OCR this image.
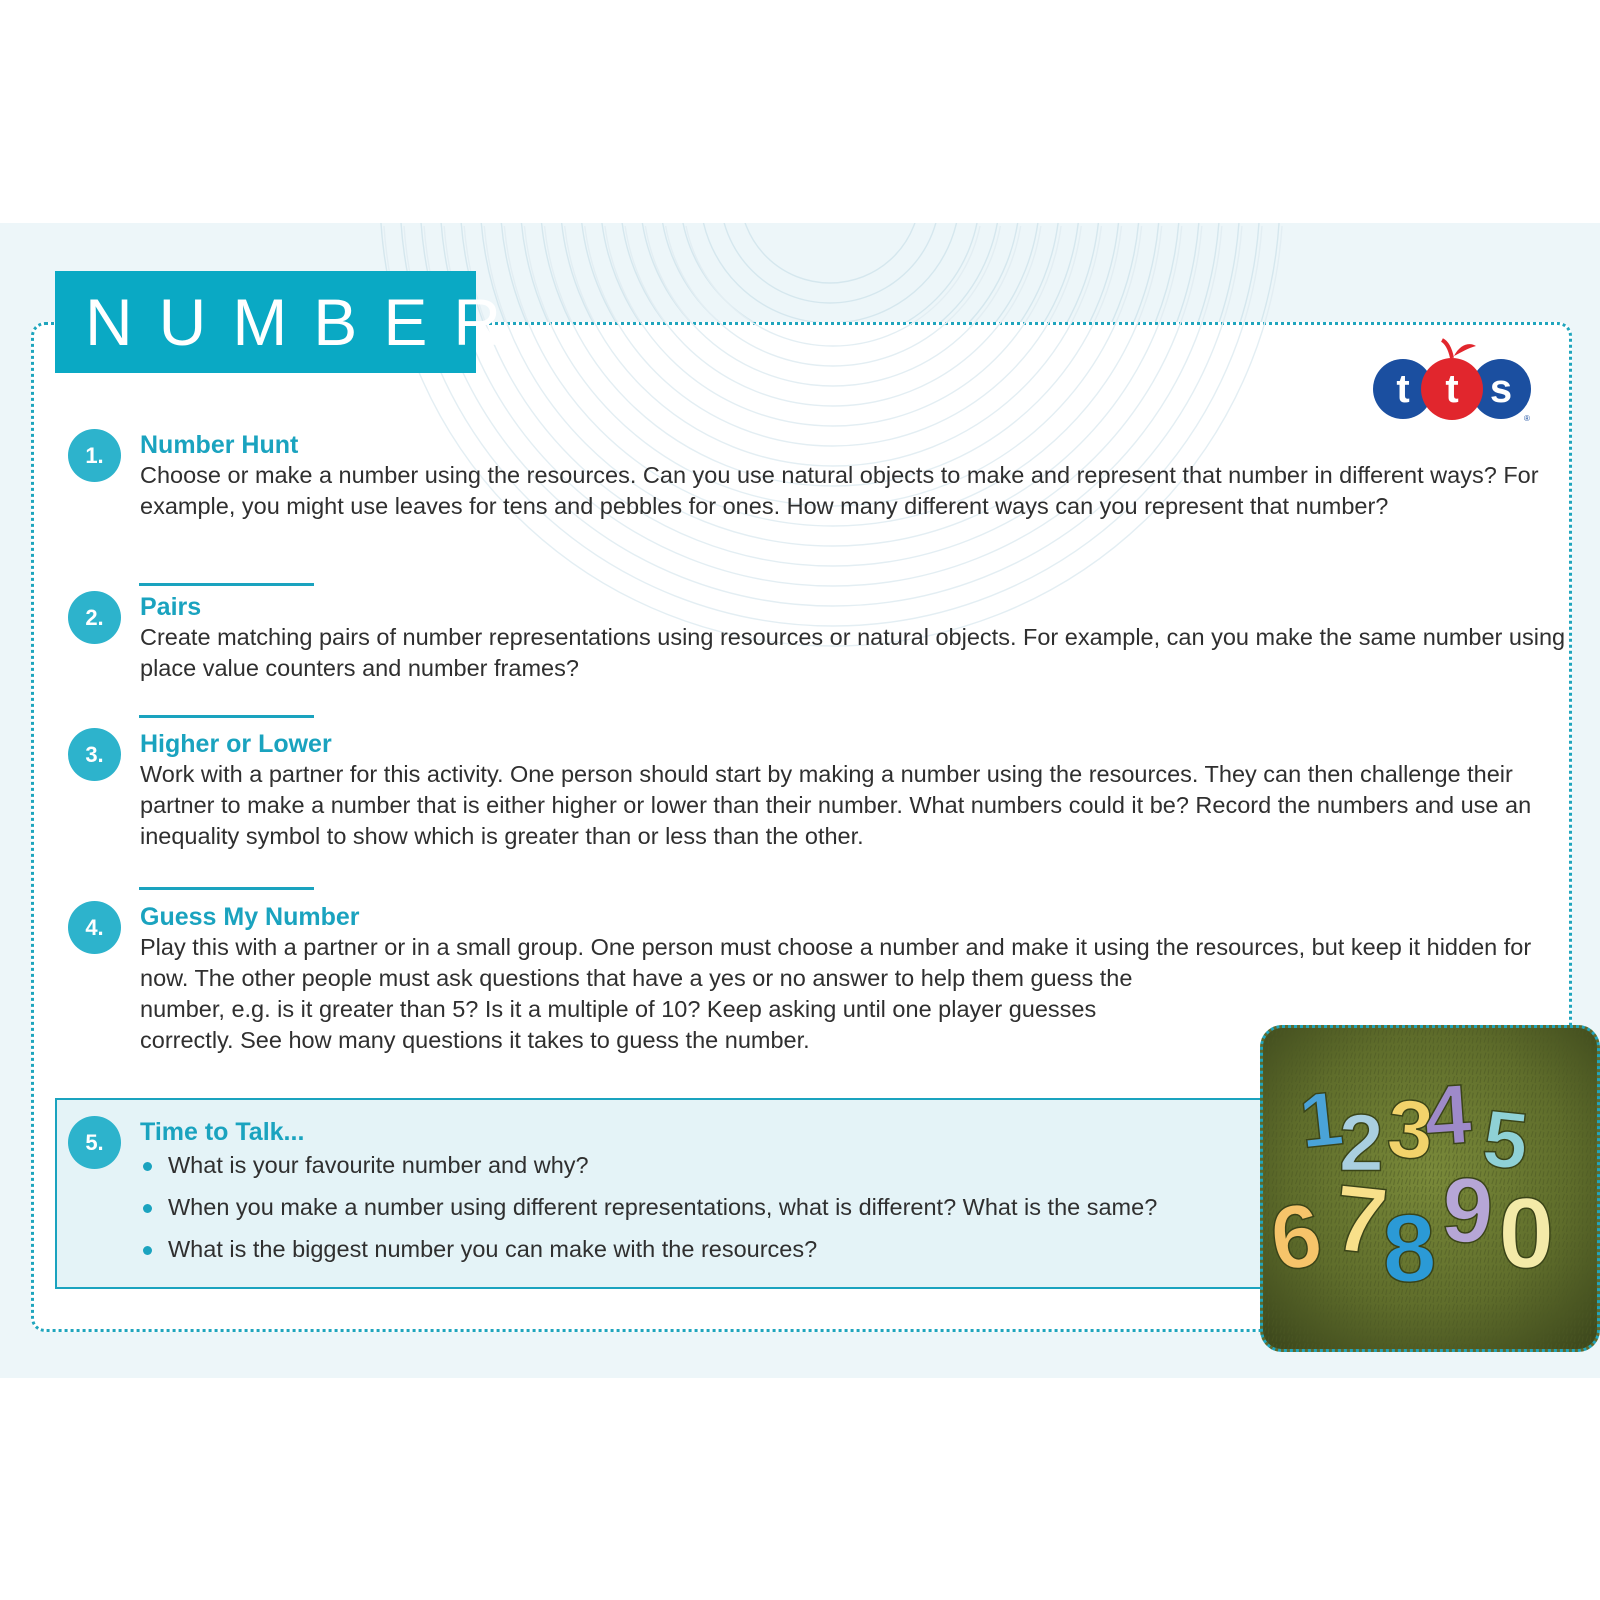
NUMBER
t t s
®
1.	Number Hunt
Choose or make a number using the resources. Can you use natural objects to make and represent that number in different ways? For example, you might use leaves for tens and pebbles for ones. How many different ways can you represent that number?
2.	Pairs
Create matching pairs of number representations using resources or natural objects. For example, can you make the same number using place value counters and number frames?
3.	Higher or Lower
Work with a partner for this activity. One person should start by making a number using the resources. They can then challenge their partner to make a number that is either higher or lower than their number. What numbers could it be? Record the numbers and use an inequality symbol to show which is greater than or less than the other.
4.	Guess My Number
Play this with a partner or in a small group. One person must choose a number and make it using the resources, but keep it hidden for now. The other people must ask questions that have a yes or no answer to help them guess the
number, e.g. is it greater than 5? Is it a multiple of 10? Keep asking until one player guesses
correctly. See how many questions it takes to guess the number.
5.	Time to Talk...
What is your favourite number and why?
When you make a number using different representations, what is different? What is the same?
What is the biggest number you can make with the resources?
1
2 3
4 5
6 7
8 9 0
